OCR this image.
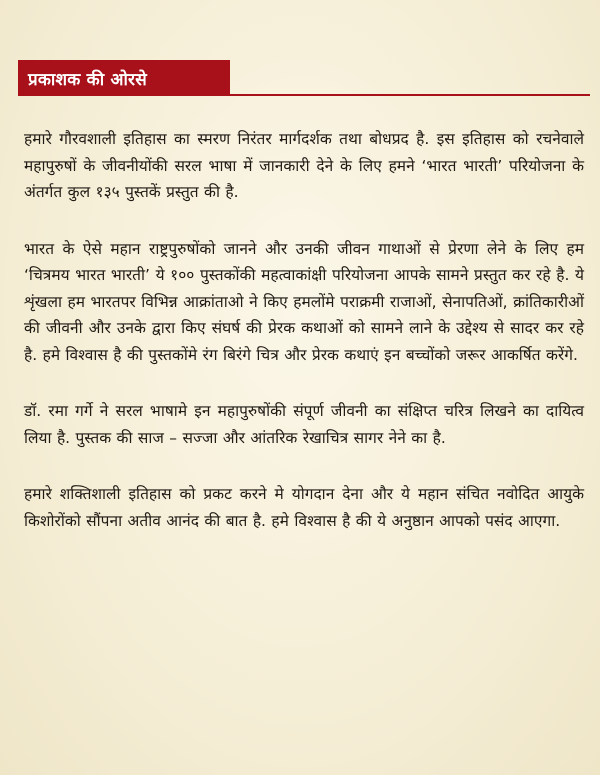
प्रकाशक की ओरसे

हमारे गौरवशाली इतिहास का स्मरण निरंतर मार्गदर्शक तथा बोधप्रद है. इस इतिहास को रचनेवाले महापुरुषों के जीवनीयोंकी सरल भाषा में जानकारी देने के लिए हमने ‘भारत भारती’ परियोजना के अंतर्गत कुल १३५ पुस्तकें प्रस्तुत की है.

भारत के ऐसे महान राष्ट्रपुरुषोंको जानने और उनकी जीवन गाथाओं से प्रेरणा लेने के लिए हम ‘चित्रमय भारत भारती’ ये १०० पुस्तकोंकी महत्वाकांक्षी परियोजना आपके सामने प्रस्तुत कर रहे है. ये शृंखला हम भारतपर विभिन्न आक्रांताओ ने किए हमलोंमे पराक्रमी राजाओं, सेनापतिओं, क्रांतिकारीओं की जीवनी और उनके द्वारा किए संघर्ष की प्रेरक कथाओं को सामने लाने के उद्देश्य से सादर कर रहे है. हमे विश्वास है की पुस्तकोंमे रंग बिरंगे चित्र और प्रेरक कथाएं इन बच्चोंको जरूर आकर्षित करेंगे.

डॉ. रमा गर्गे ने सरल भाषामे इन महापुरुषोंकी संपूर्ण जीवनी का संक्षिप्त चरित्र लिखने का दायित्व लिया है. पुस्तक की साज – सज्जा और आंतरिक रेखाचित्र सागर नेने का है.

हमारे शक्तिशाली इतिहास को प्रकट करने मे योगदान देना और ये महान संचित नवोदित आयुके किशोरोंको सौंपना अतीव आनंद की बात है. हमे विश्वास है की ये अनुष्ठान आपको पसंद आएगा.
